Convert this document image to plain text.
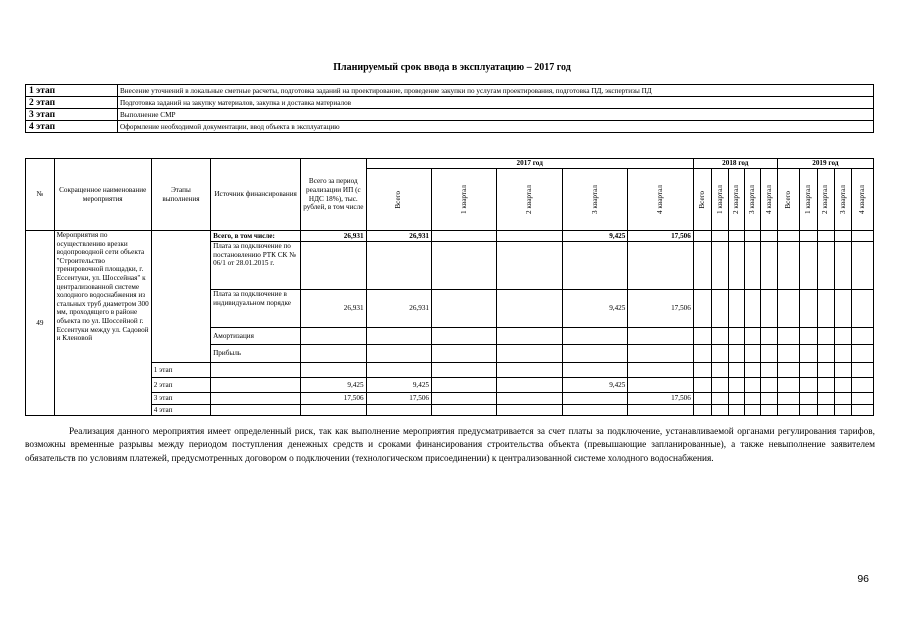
Планируемый срок ввода в эксплуатацию – 2017 год
1 этап	Внесение уточнений в локальные сметные расчеты, подготовка заданий на проектирование, проведение закупки по услугам проектирования, подготовка ПД, экспертизы ПД
2 этап	Подготовка заданий на закупку материалов, закупка и доставка материалов
3 этап	Выполнение СМР
4 этап	Оформление необходимой документации, ввод объекта в эксплуатацию
№	Сокращенное наименование мероприятия	Этапы выполнения	Источник финансирования	Всего за период реализации ИП (с НДС 18%), тыс. рублей, в том числе	2017 год					2018 год					2019 год				

					Всего	1 квартал	2 квартал	3 квартал	4 квартал	Всего	1 квартал	2 квартал	3 квартал	4 квартал	Всего	1 квартал	2 квартал	3 квартал	4 квартал

49	Мероприятия по осуществлению врезки водопроводной сети объекта "Строительство тренировочной площадки, г. Ессентуки, ул. Шоссейная" к централизованной системе холодного водоснабжения из стальных труб диаметром 300 мм, проходящего в районе объекта по ул. Шоссейной г. Ессентуки между ул. Садовой и Кленовой		Всего, в том числе:	26,931	26,931			9,425	17,506										
			Плата за подключение по постановлению РТК СК № 06/1 от 28.01.2015 г.																
			Плата за подключение в индивидуальном порядке	26,931	26,931			9,425	17,506										
			Амортизация																
			Прибыль																
		1 этап																	
		2 этап		9,425	9,425			9,425											
		3 этап		17,506	17,506				17,506										
		4 этап																	
Реализация данного мероприятия имеет определенный риск, так как выполнение мероприятия предусматривается за счет платы за подключение, устанавливаемой органами регулирования тарифов, возможны временные разрывы между периодом поступления денежных средств и сроками финансирования строительства объекта (превышающие запланированные), а также невыполнение заявителем обязательств по условиям платежей, предусмотренных договором о подключении (технологическом присоединении) к централизованной системе холодного водоснабжения.
96
